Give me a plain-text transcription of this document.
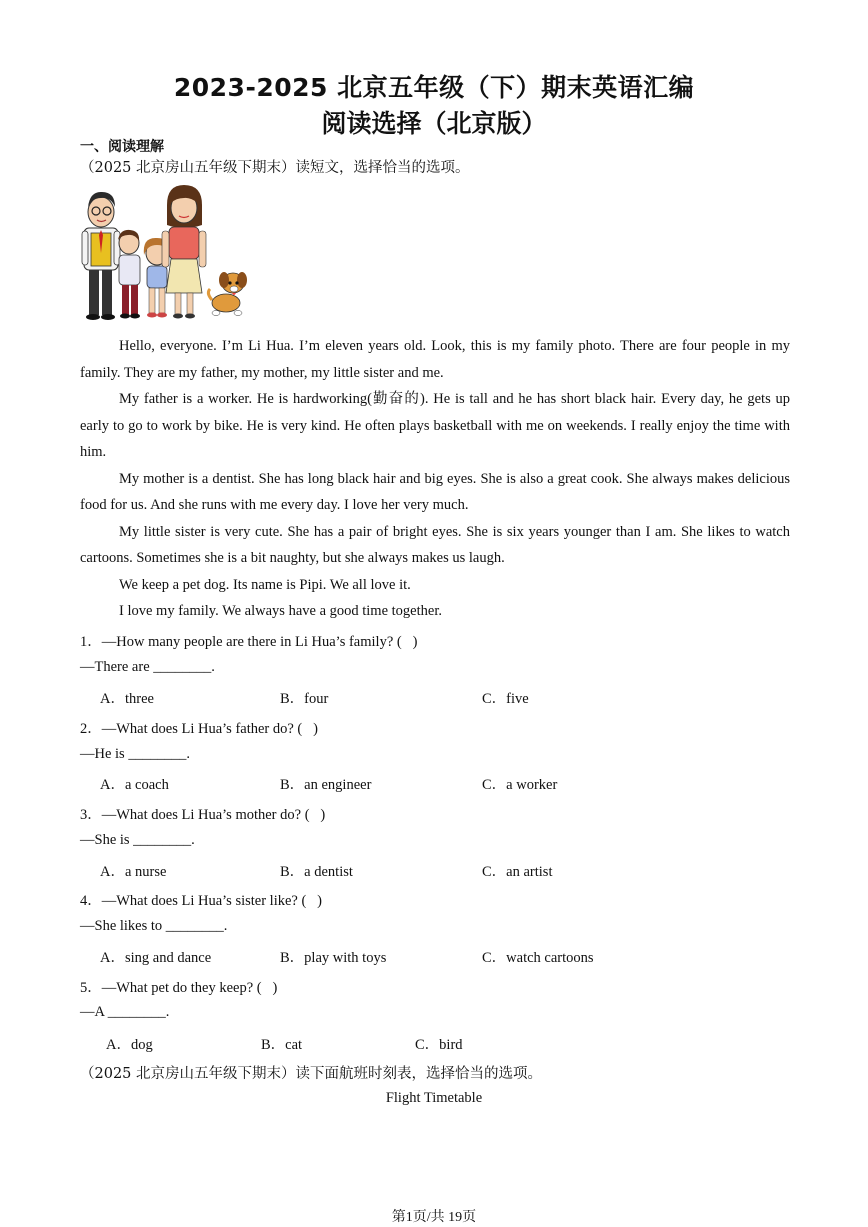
2023-2025 北京五年级（下）期末英语汇编
阅读选择（北京版）
一、阅读理解
（2025 北京房山五年级下期末）读短文，选择恰当的选项。

Hello, everyone. I’m Li Hua. I’m eleven years old. Look, this is my family photo. There are four people in my family. They are my father, my mother, my little sister and me.

My father is a worker. He is hardworking(勤奋的). He is tall and he has short black hair. Every day, he gets up early to go to work by bike. He is very kind. He often plays basketball with me on weekends. I really enjoy the time with him.

My mother is a dentist. She has long black hair and big eyes. She is also a great cook. She always makes delicious food for us. And she runs with me every day. I love her very much.

My little sister is very cute. She has a pair of bright eyes. She is six years younger than I am. She likes to watch cartoons. Sometimes she is a bit naughty, but she always makes us laugh.

We keep a pet dog. Its name is Pipi. We all love it.

I love my family. We always have a good time together.

1．—How many people are there in Li Hua’s family? (   )
—There are ________.
A．three	B．four	C．five
2．—What does Li Hua’s father do? (   )
—He is ________.
A．a coach	B．an engineer	C．a worker
3．—What does Li Hua’s mother do? (   )
—She is ________.
A．a nurse	B．a dentist	C．an artist
4．—What does Li Hua’s sister like? (   )
—She likes to ________.
A．sing and dance	B．play with toys	C．watch cartoons
5．—What pet do they keep? (   )
—A ________.
A．dog	B．cat	C．bird
（2025 北京房山五年级下期末）读下面航班时刻表，选择恰当的选项。
Flight Timetable
第1页/共 19页
